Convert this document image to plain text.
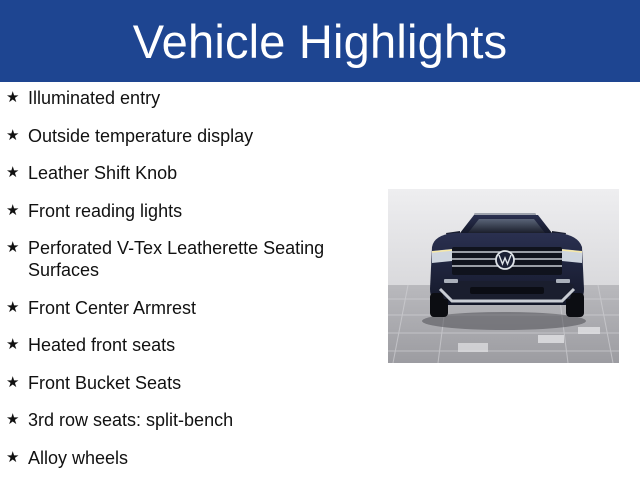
Vehicle Highlights
★ Illuminated entry
★ Outside temperature display
★ Leather Shift Knob
★ Front reading lights
★ Perforated V-Tex Leatherette Seating Surfaces
★ Front Center Armrest
★ Heated front seats
★ Front Bucket Seats
★ 3rd row seats: split-bench
★ Alloy wheels
